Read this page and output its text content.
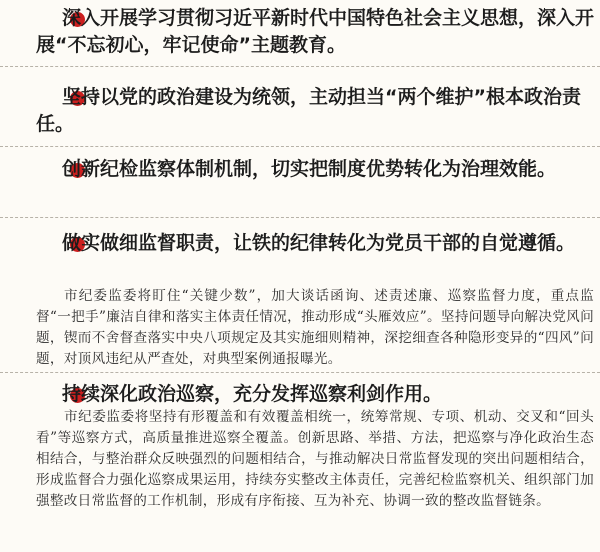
深入开展学习贯彻习近平新时代中国特色社会主义思想，深入开展“不忘初心，牢记使命”主题教育。

坚持以党的政治建设为统领，主动担当“两个维护”根本政治责任。

创新纪检监察体制机制，切实把制度优势转化为治理效能。

做实做细监督职责，让铁的纪律转化为党员干部的自觉遵循。

市纪委监委将盯住“关键少数”，加大谈话函询、述责述廉、巡察监督力度，重点监督“一把手”廉洁自律和落实主体责任情况，推动形成“头雁效应”。坚持问题导向解决党风问题，锲而不舍督查落实中央八项规定及其实施细则精神，深挖细查各种隐形变异的“四风”问题，对顶风违纪从严查处，对典型案例通报曝光。

持续深化政治巡察，充分发挥巡察利剑作用。

市纪委监委将坚持有形覆盖和有效覆盖相统一，统筹常规、专项、机动、交叉和“回头看”等巡察方式，高质量推进巡察全覆盖。创新思路、举措、方法，把巡察与净化政治生态相结合，与整治群众反映强烈的问题相结合，与推动解决日常监督发现的突出问题相结合，形成监督合力强化巡察成果运用，持续夯实整改主体责任，完善纪检监察机关、组织部门加强整改日常监督的工作机制，形成有序衔接、互为补充、协调一致的整改监督链条。
